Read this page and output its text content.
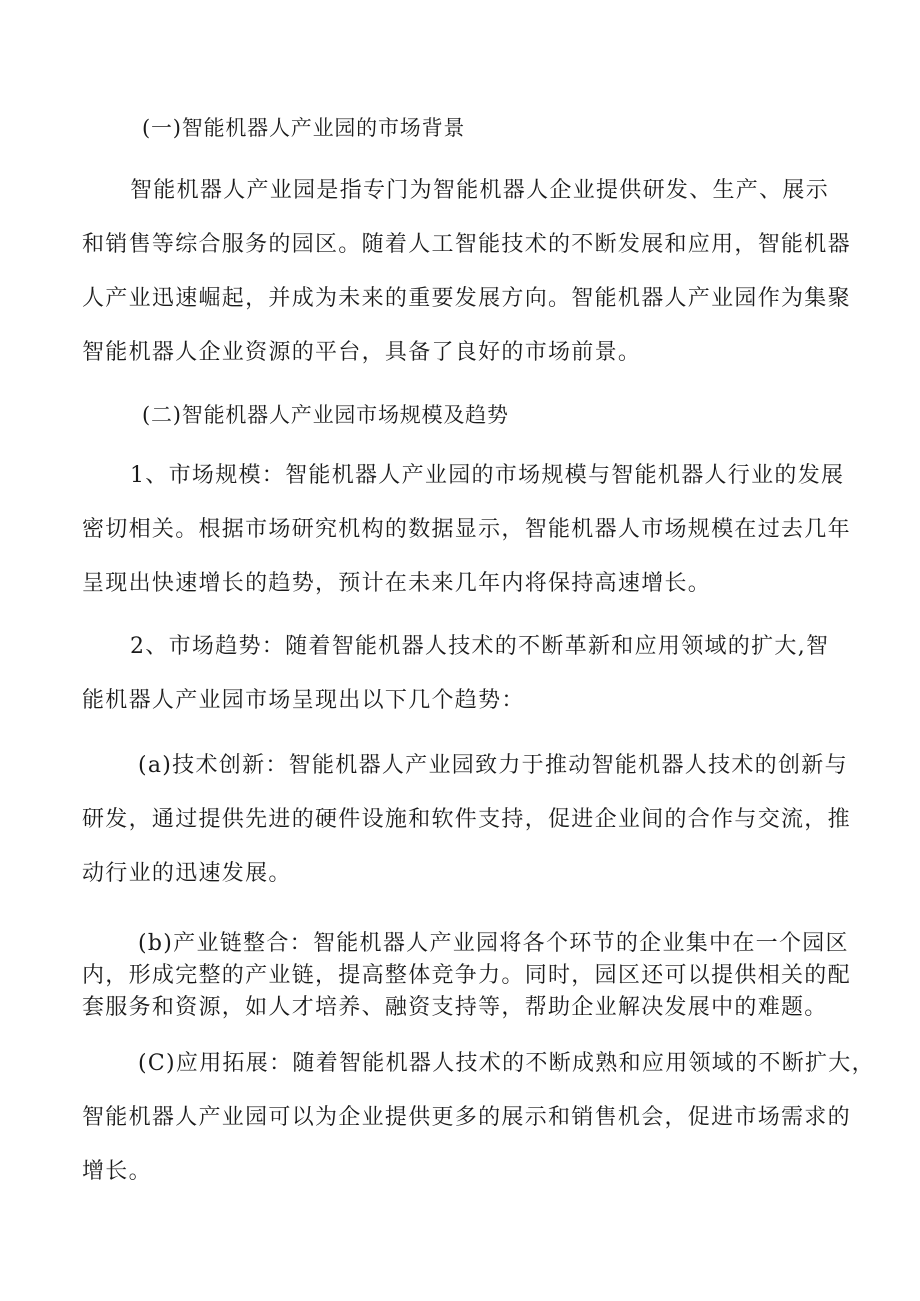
(一)智能机器人产业园的市场背景

智能机器人产业园是指专门为智能机器人企业提供研发、生产、展示

和销售等综合服务的园区。随着人工智能技术的不断发展和应用，智能机器

人产业迅速崛起，并成为未来的重要发展方向。智能机器人产业园作为集聚

智能机器人企业资源的平台，具备了良好的市场前景。

(二)智能机器人产业园市场规模及趋势

1、市场规模：智能机器人产业园的市场规模与智能机器人行业的发展

密切相关。根据市场研究机构的数据显示，智能机器人市场规模在过去几年

呈现出快速增长的趋势，预计在未来几年内将保持高速增长。

2、市场趋势：随着智能机器人技术的不断革新和应用领域的扩大,智

能机器人产业园市场呈现出以下几个趋势：

(a)技术创新：智能机器人产业园致力于推动智能机器人技术的创新与

研发，通过提供先进的硬件设施和软件支持，促进企业间的合作与交流，推

动行业的迅速发展。

(b)产业链整合：智能机器人产业园将各个环节的企业集中在一个园区

内，形成完整的产业链，提高整体竞争力。同时，园区还可以提供相关的配

套服务和资源，如人才培养、融资支持等，帮助企业解决发展中的难题。

(C)应用拓展：随着智能机器人技术的不断成熟和应用领域的不断扩大，

智能机器人产业园可以为企业提供更多的展示和销售机会，促进市场需求的

增长。
